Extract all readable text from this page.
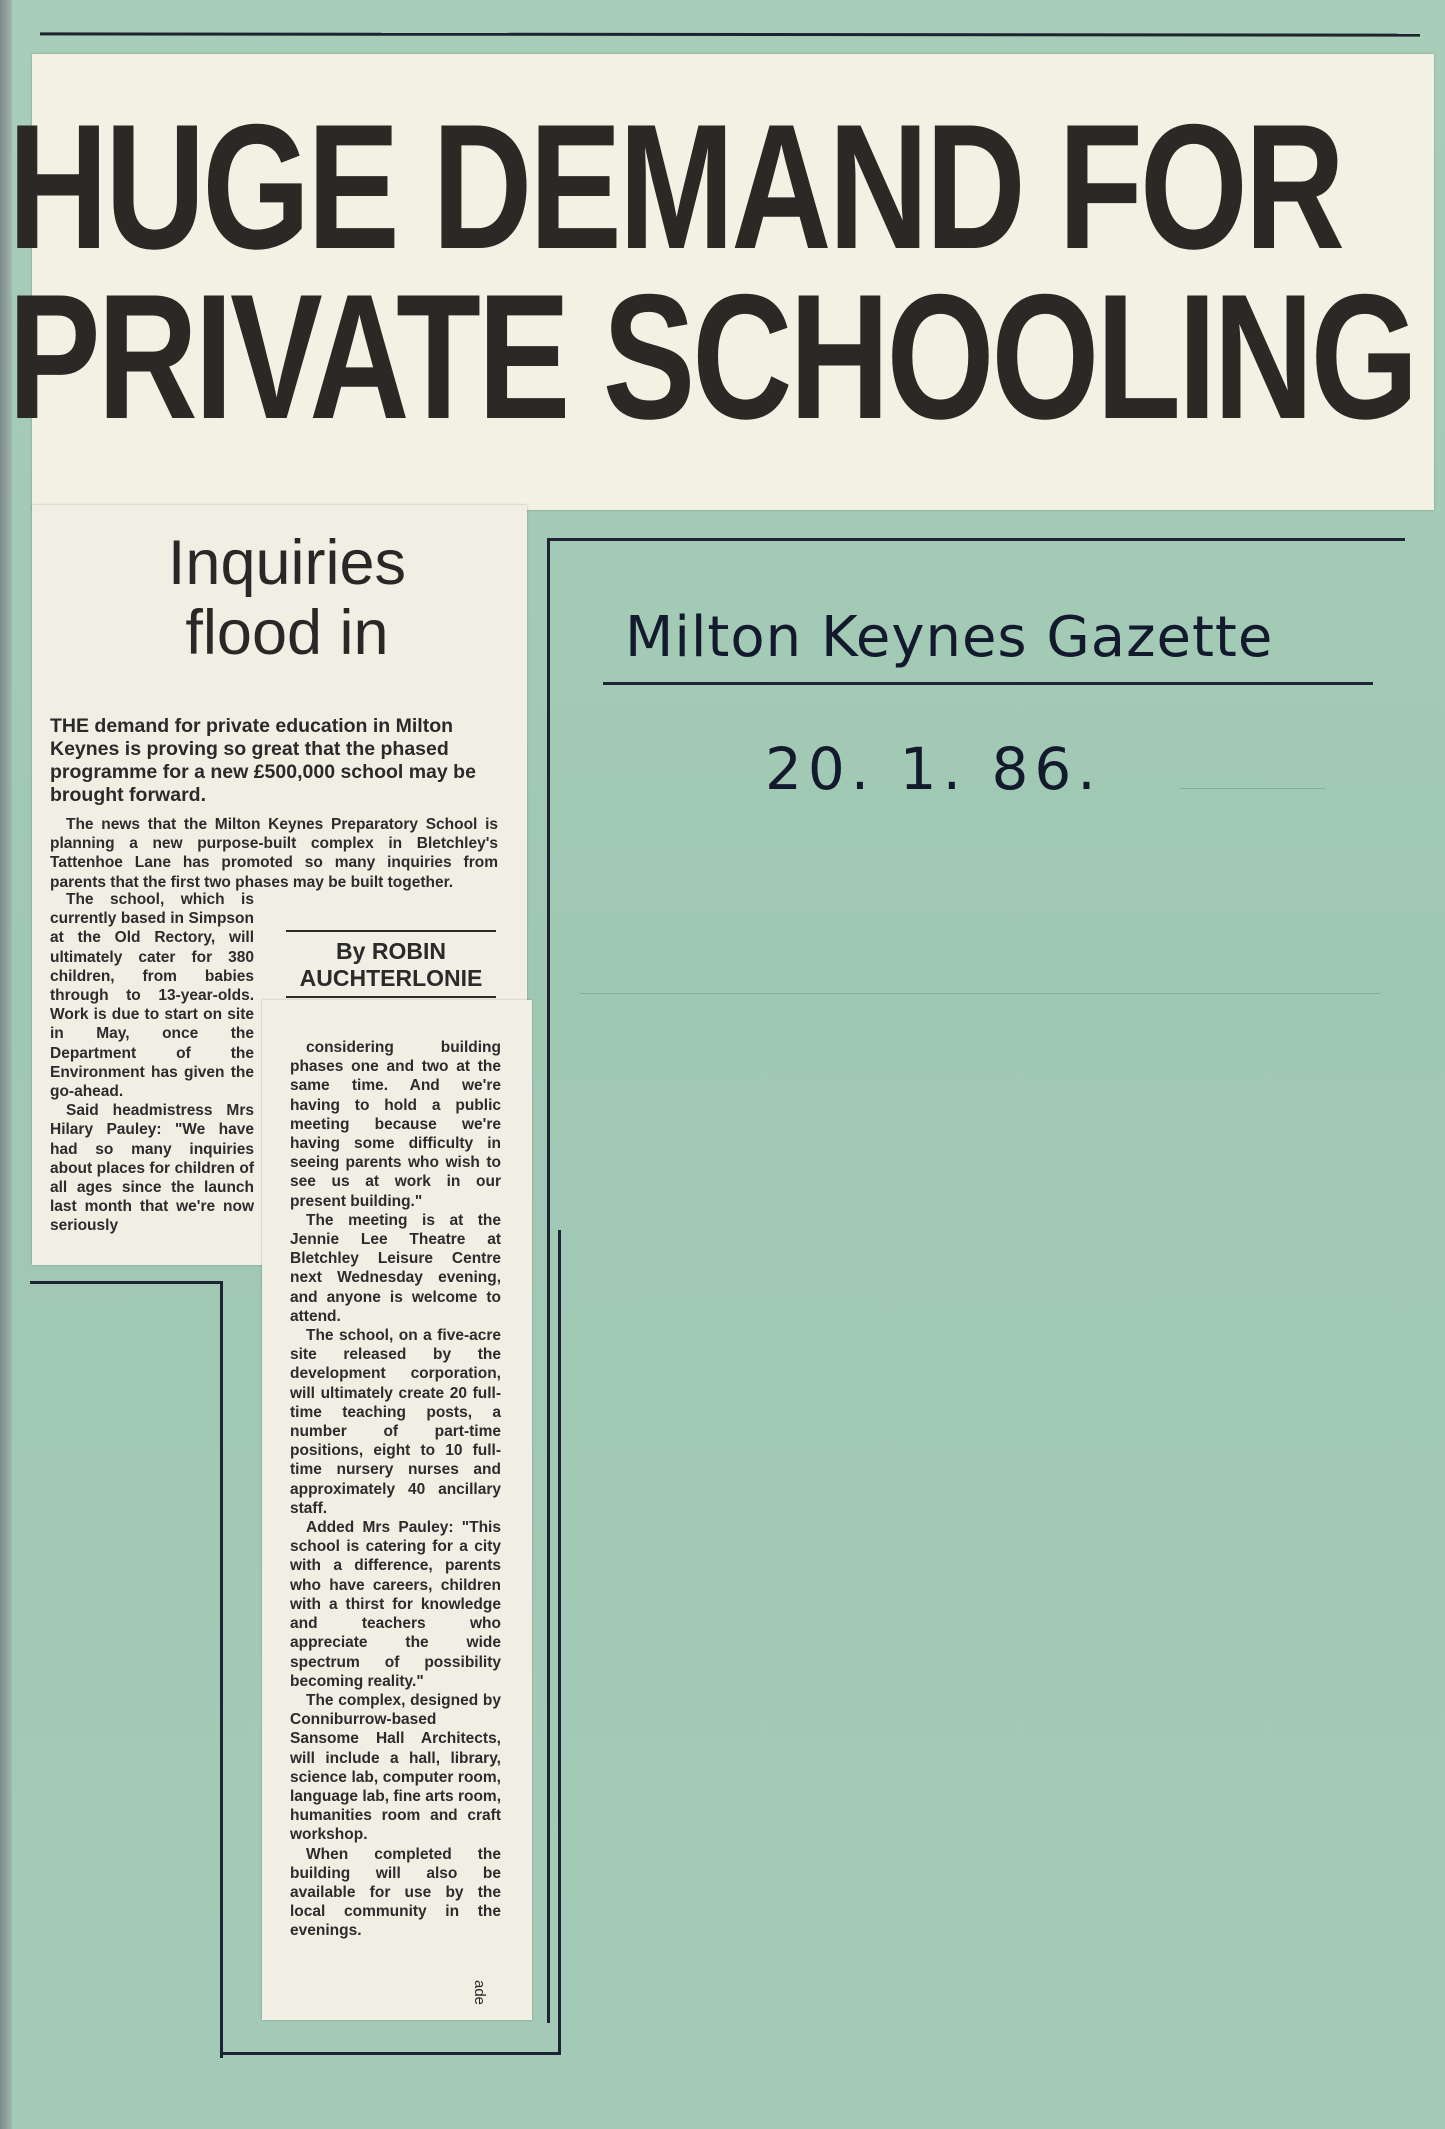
HUGE DEMAND FOR
PRIVATE SCHOOLING
Inquiries
flood in
THE demand for private education in Milton Keynes is proving so great that the phased programme for a new £500,000 school may be brought forward.

The news that the Milton Keynes Preparatory School is planning a new purpose-built complex in Bletchley's Tattenhoe Lane has promoted so many inquiries from parents that the first two phases may be built together.

The school, which is currently based in Simpson at the Old Rectory, will ultimately cater for 380 children, from babies through to 13-year-olds. Work is due to start on site in May, once the Department of the Environment has given the go-ahead.

Said headmistress Mrs Hilary Pauley: "We have had so many inquiries about places for children of all ages since the launch last month that we're now seriously

By ROBIN
AUCHTERLONIE

considering building phases one and two at the same time. And we're having to hold a public meeting because we're having some difficulty in seeing parents who wish to see us at work in our present building."

The meeting is at the Jennie Lee Theatre at Bletchley Leisure Centre next Wednesday evening, and anyone is welcome to attend.

The school, on a five-acre site released by the development corporation, will ultimately create 20 full-time teaching posts, a number of part-time positions, eight to 10 full-time nursery nurses and approximately 40 ancillary staff.

Added Mrs Pauley: "This school is catering for a city with a difference, parents who have careers, children with a thirst for knowledge and teachers who appreciate the wide spectrum of possibility becoming reality."

The complex, designed by Conniburrow-based Sansome Hall Architects, will include a hall, library, science lab, computer room, language lab, fine arts room, humanities room and craft workshop.

When completed the building will also be available for use by the local community in the evenings.

ade
Milton Keynes Gazette
20. 1. 86.
